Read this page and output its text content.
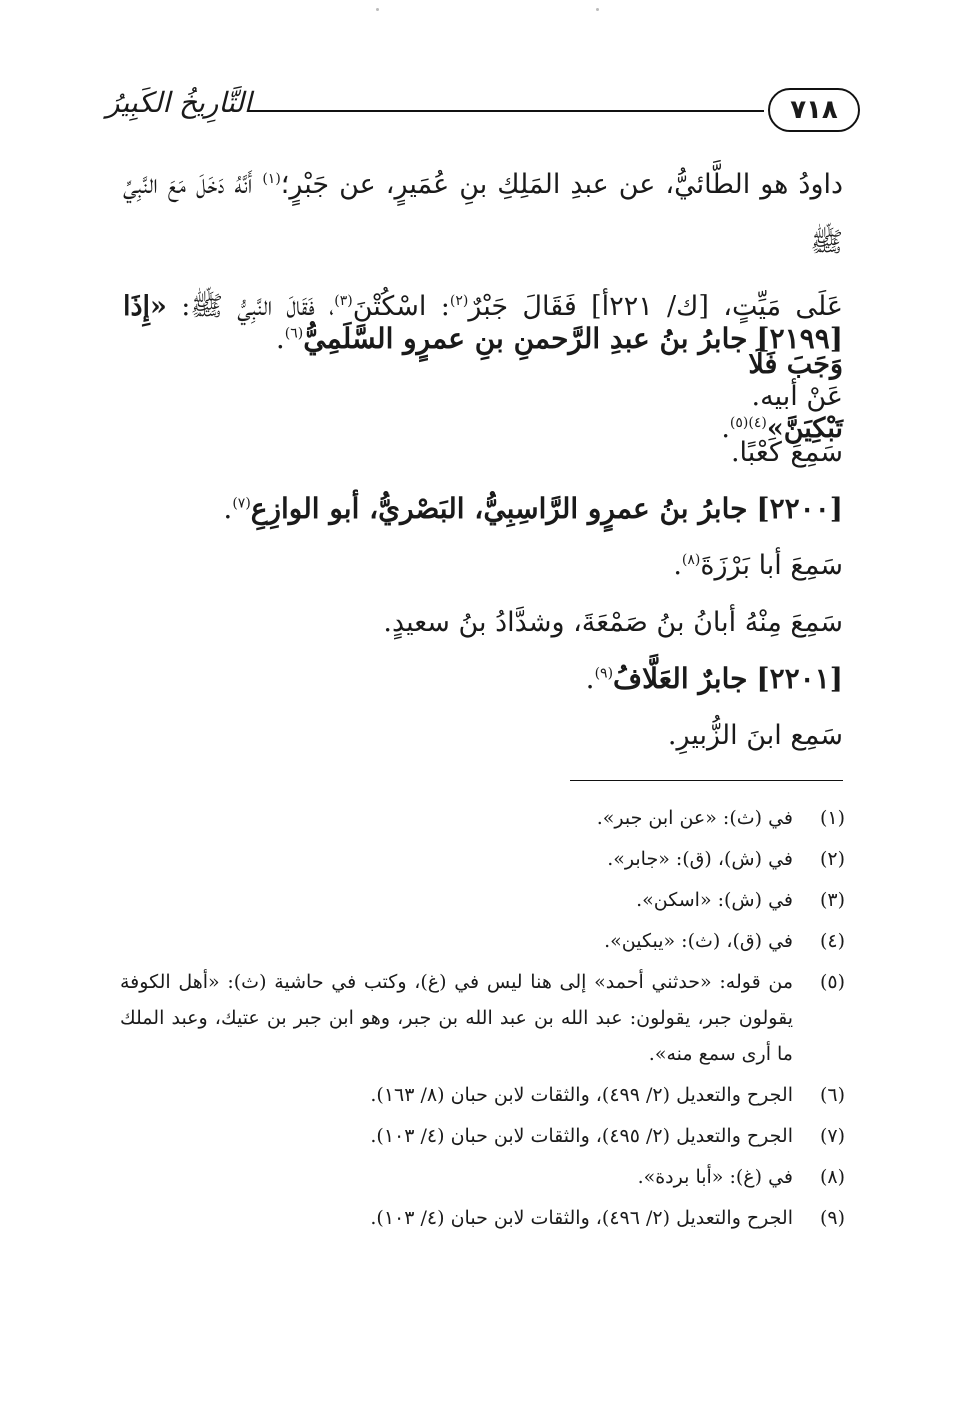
التَّارِيخُ الكَبِيرُ	٧١٨

داودُ هو الطَّائيُّ، عن عبدِ المَلِكِ بنِ عُمَيرٍ، عن جَبْرٍ؛$^{(١)}$ أَنَّهُ دَخَلَ مَعَ النَّبِيِّ ﷺ

عَلَى مَيِّتٍ، [ك/ ٢٢١أ] فَقَالَ جَبْرٌ$^{(٢)}$: اسْكُتْنَ$^{(٣)}$، فَقَالَ النَّبِيُّ ﷺ: «إِذَا وَجَبَ فَلَا

تَبْكِيَنَّ»$^{(٤)(٥)}$.

[٢١٩٩] جابرُ بنُ عبدِ الرَّحمنِ بنِ عمرٍو السَّلَمِيُّ$^{(٦)}$.
عَنْ أبيه.
سَمِعَ كَعْبًا.
[٢٢٠٠] جابرُ بنُ عمرٍو الرَّاسِبِيُّ، البَصْريُّ، أبو الوازِعِ$^{(٧)}$.
سَمِعَ أبا بَرْزَةَ$^{(٨)}$.
سَمِعَ مِنْهُ أبانُ بنُ صَمْعَةَ، وشدَّادُ بنُ سعيدٍ.
[٢٢٠١] جابرٌ العَلَّافُ$^{(٩)}$.
سَمِع ابنَ الزُّبيرِ.
(١)
في (ث): «عن ابن جبر».
(٢)
في (ش)، (ق): «جابر».
(٣)
في (ش): «اسكن».
(٤)
في (ق)، (ث): «يبكين».
(٥)
من قوله: «حدثني أحمد» إلى هنا ليس في (غ)، وكتب في حاشية (ث): «أهل الكوفة يقولون جبر، يقولون: عبد الله بن عبد الله بن جبر، وهو ابن جبر بن عتيك، وعبد الملك ما أرى سمع منه».
(٦)
الجرح والتعديل (٢/ ٤٩٩)، والثقات لابن حبان (٨/ ١٦٣).
(٧)
الجرح والتعديل (٢/ ٤٩٥)، والثقات لابن حبان (٤/ ١٠٣).
(٨)
في (غ): «أبا بردة».
(٩)
الجرح والتعديل (٢/ ٤٩٦)، والثقات لابن حبان (٤/ ١٠٣).
